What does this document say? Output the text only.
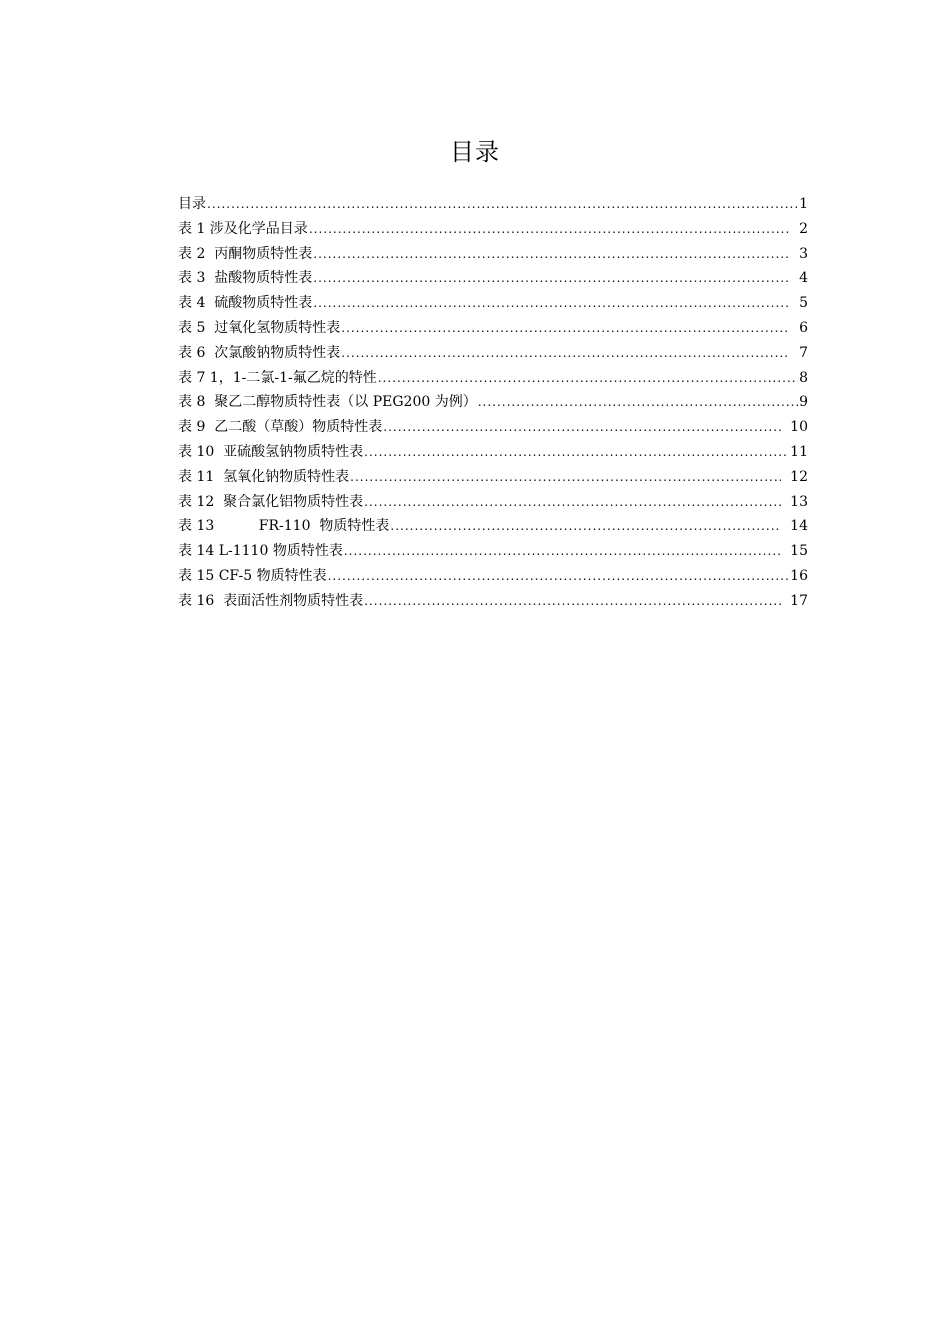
目录
目录 .....	1
表 1 涉及化学品目录 .....	2
表 2  丙酮物质特性表 .....	3
表 3  盐酸物质特性表 .....	4
表 4  硫酸物质特性表 .....	5
表 5  过氧化氢物质特性表 .....	6
表 6  次氯酸钠物质特性表 .....	7
表 7 1，1-二氯-1-氟乙烷的特性 .....	8
表 8  聚乙二醇物质特性表（以 PEG200 为例） .....	9
表 9  乙二酸（草酸）物质特性表 .....	10
表 10  亚硫酸氢钠物质特性表 .....	11
表 11  氢氧化钠物质特性表 .....	12
表 12  聚合氯化铝物质特性表 .....	13
表 13          FR-110  物质特性表 .....	14
表 14 L-1110 物质特性表 .....	15
表 15 CF-5 物质特性表 .....	16
表 16  表面活性剂物质特性表 .....	17
